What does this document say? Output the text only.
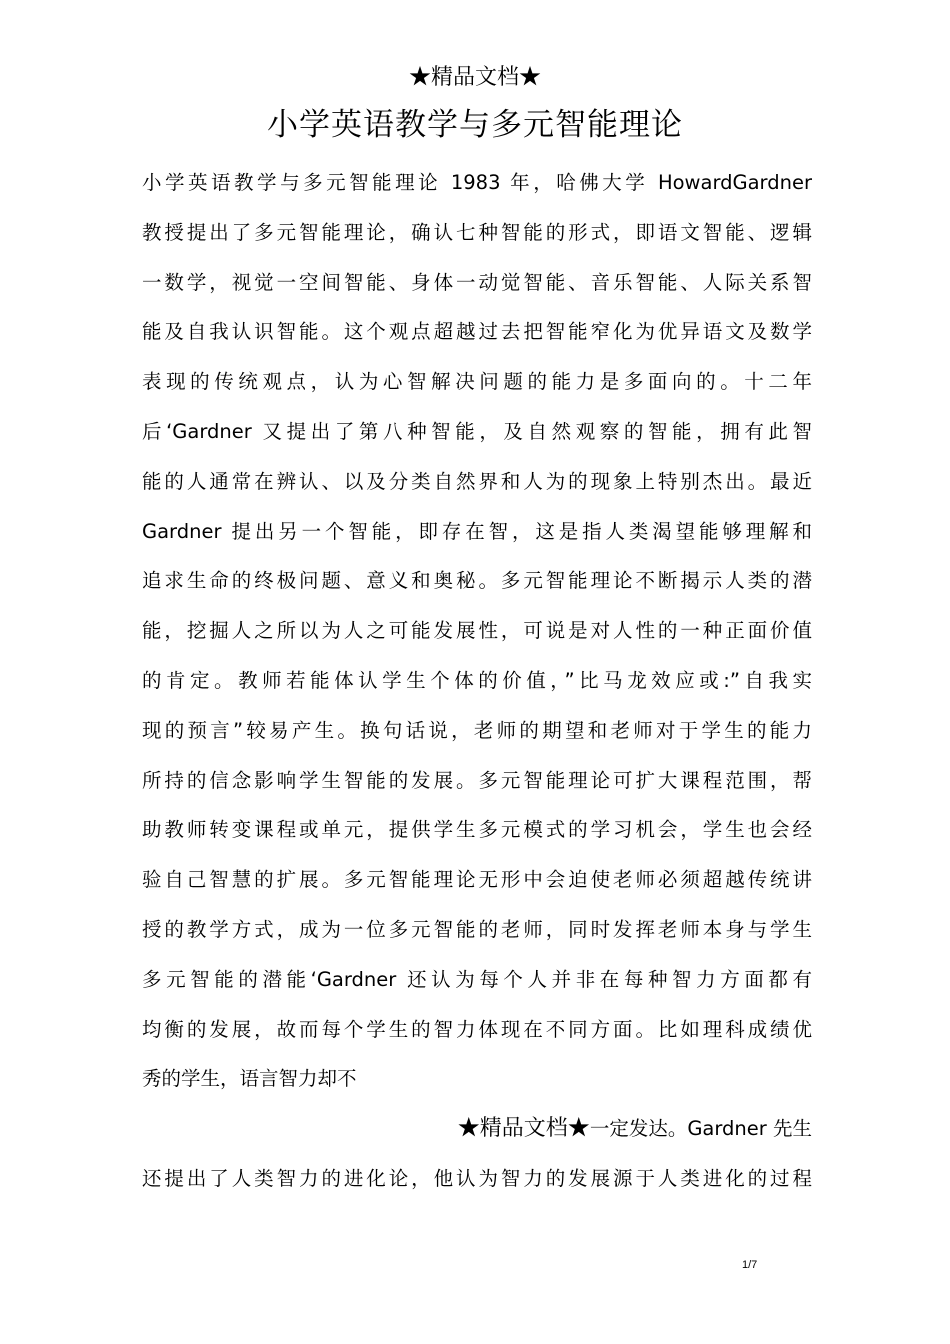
★精品文档★
小学英语教学与多元智能理论
小学英语教学与多元智能理论 1983 年，哈佛大学 HowardGardner
教授提出了多元智能理论，确认七种智能的形式，即语文智能、逻辑
一数学，视觉一空间智能、身体一动觉智能、音乐智能、人际关系智
能及自我认识智能。这个观点超越过去把智能窄化为优异语文及数学
表现的传统观点，认为心智解决问题的能力是多面向的。十二年
后‘Gardner 又提出了第八种智能，及自然观察的智能，拥有此智
能的人通常在辨认、以及分类自然界和人为的现象上特别杰出。最近
Gardner 提出另一个智能，即存在智，这是指人类渴望能够理解和
追求生命的终极问题、意义和奥秘。多元智能理论不断揭示人类的潜
能，挖掘人之所以为人之可能发展性，可说是对人性的一种正面价值
的肯定。教师若能体认学生个体的价值，”比马龙效应或:”自我实
现的预言”较易产生。换句话说，老师的期望和老师对于学生的能力
所持的信念影响学生智能的发展。多元智能理论可扩大课程范围，帮
助教师转变课程或单元，提供学生多元模式的学习机会，学生也会经
验自己智慧的扩展。多元智能理论无形中会迫使老师必须超越传统讲
授的教学方式，成为一位多元智能的老师，同时发挥老师本身与学生
多元智能的潜能‘Gardner 还认为每个人并非在每种智力方面都有
均衡的发展，故而每个学生的智力体现在不同方面。比如理科成绩优
秀的学生，语言智力却不
★精品文档★一定发达。Gardner 先生
还提出了人类智力的进化论，他认为智力的发展源于人类进化的过程
1/7
